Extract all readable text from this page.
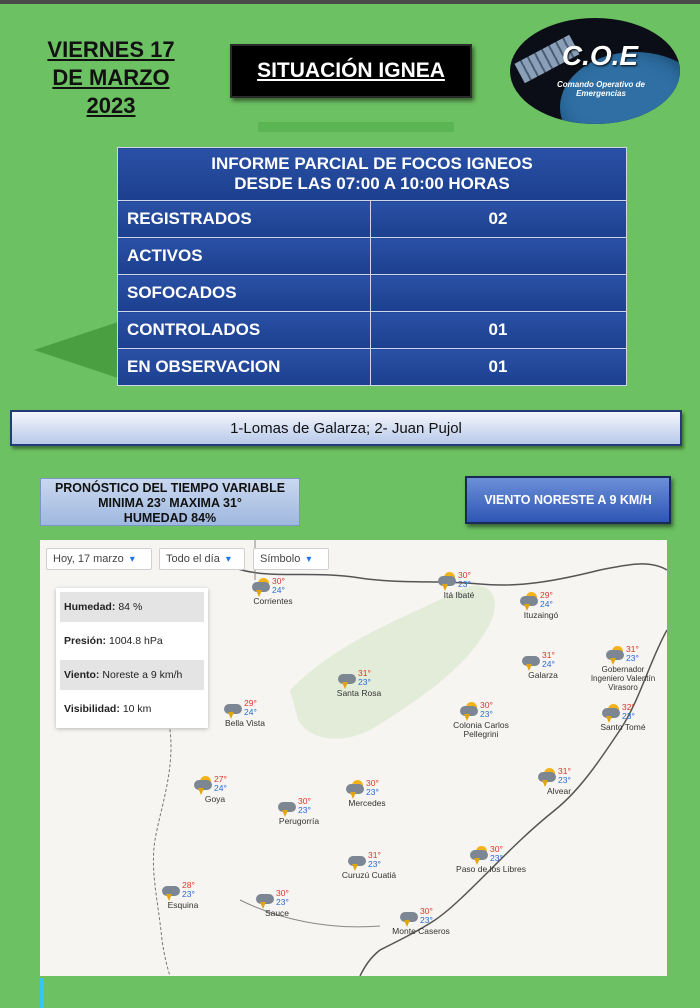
VIERNES 17
DE MARZO
2023
SITUACIÓN IGNEA	C.O.E
Comando Operativo de Emergencias
INFORME PARCIAL DE FOCOS IGNEOS
DESDE LAS 07:00 A 10:00 HORAS	

REGISTRADOS	02
ACTIVOS	
SOFOCADOS	
CONTROLADOS	01
EN OBSERVACION	01
1-Lomas de Galarza; 2- Juan Pujol
PRONÓSTICO DEL TIEMPO VARIABLE
MINIMA 23° MAXIMA 31°
HUMEDAD 84%
VIENTO NORESTE A 9 KM/H
Hoy, 17 marzo ▾	Todo el día ▾	Símbolo ▾
Humedad: 84 %
Presión: 1004.8 hPa
Viento: Noreste a 9 km/h
Visibilidad: 10 km
30°
24°
Corrientes
30°
23°
Itá Ibaté	29°
24°
Ituzaingó
31°
24°
Galarza
31°
23°
Gobernador Ingeniero Valentín Virasoro
32°
23°
Santo Tomé
31°
23°
Santa Rosa
29°
24°
Bella Vista
30°
23°
Colonia Carlos Pellegrini
27°
24°
Goya
30°
23°
Mercedes
30°
23°
Perugorría
31°
23°
Alvear
31°
23°
Curuzú Cuatiá
30°
23°
Paso de los Libres
28°
23°
Esquina
30°
23°
Sauce	30°
23°
Monte Caseros
